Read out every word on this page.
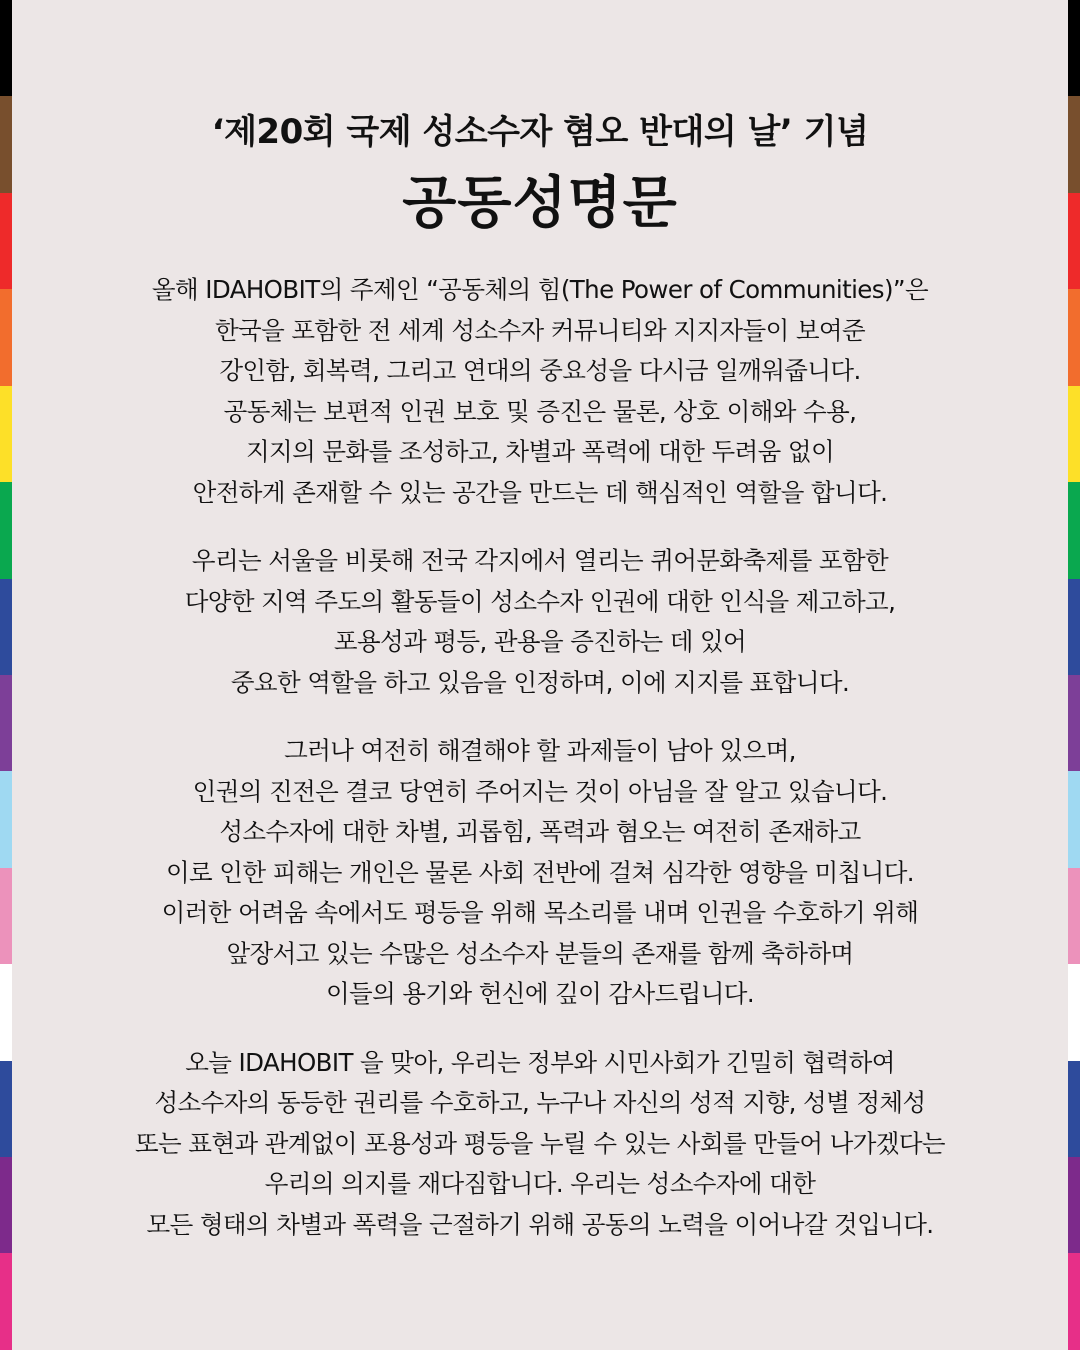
‘제20회 국제 성소수자 혐오 반대의 날’ 기념
공동성명문
올해 IDAHOBIT의 주제인 “공동체의 힘(The Power of Communities)”은
한국을 포함한 전 세계 성소수자 커뮤니티와 지지자들이 보여준
강인함, 회복력, 그리고 연대의 중요성을 다시금 일깨워줍니다.
공동체는 보편적 인권 보호 및 증진은 물론, 상호 이해와 수용,
지지의 문화를 조성하고, 차별과 폭력에 대한 두려움 없이
안전하게 존재할 수 있는 공간을 만드는 데 핵심적인 역할을 합니다.
우리는 서울을 비롯해 전국 각지에서 열리는 퀴어문화축제를 포함한
다양한 지역 주도의 활동들이 성소수자 인권에 대한 인식을 제고하고,
포용성과 평등, 관용을 증진하는 데 있어
중요한 역할을 하고 있음을 인정하며, 이에 지지를 표합니다.
그러나 여전히 해결해야 할 과제들이 남아 있으며,
인권의 진전은 결코 당연히 주어지는 것이 아님을 잘 알고 있습니다.
성소수자에 대한 차별, 괴롭힘, 폭력과 혐오는 여전히 존재하고
이로 인한 피해는 개인은 물론 사회 전반에 걸쳐 심각한 영향을 미칩니다.
이러한 어려움 속에서도 평등을 위해 목소리를 내며 인권을 수호하기 위해
앞장서고 있는 수많은 성소수자 분들의 존재를 함께 축하하며
이들의 용기와 헌신에 깊이 감사드립니다.
오늘 IDAHOBIT 을 맞아, 우리는 정부와 시민사회가 긴밀히 협력하여
성소수자의 동등한 권리를 수호하고, 누구나 자신의 성적 지향, 성별 정체성
또는 표현과 관계없이 포용성과 평등을 누릴 수 있는 사회를 만들어 나가겠다는
우리의 의지를 재다짐합니다. 우리는 성소수자에 대한
모든 형태의 차별과 폭력을 근절하기 위해 공동의 노력을 이어나갈 것입니다.
